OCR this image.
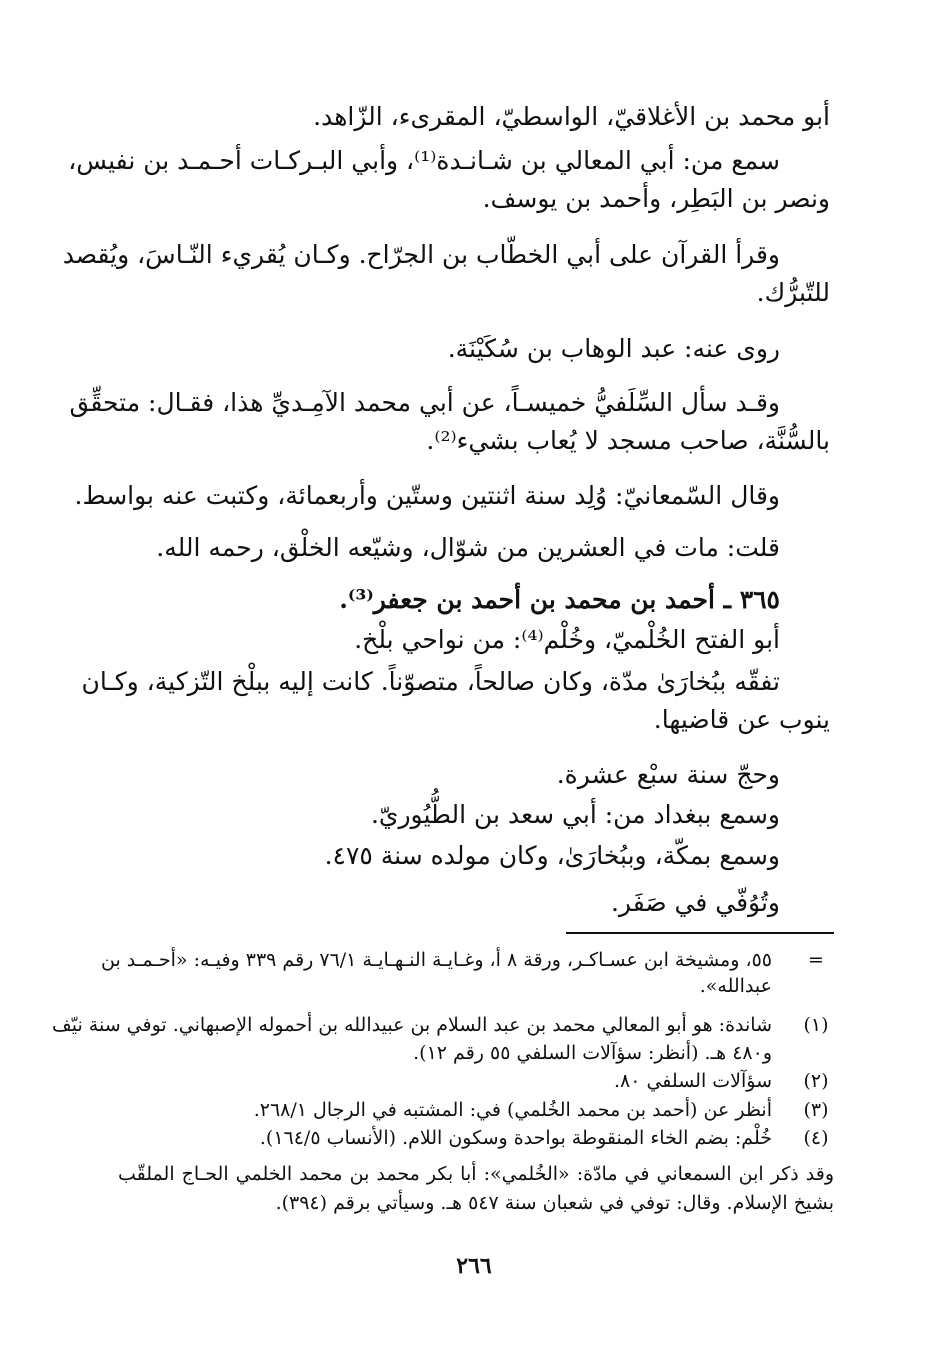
أبو محمد بن الأغلاقيّ، الواسطيّ، المقرىء، الزّاهد.
سمع من: أبي المعالي بن شـانـدة⁽¹⁾، وأبي البـركـات أحـمـد بن نفيس،
ونصر بن البَطِر، وأحمد بن يوسف.
وقرأ القرآن على أبي الخطّاب بن الجرّاح. وكـان يُقريء النّـاسَ، ويُقصد
للتّبرُّك.
روى عنه: عبد الوهاب بن سُكَيْنَة.
وقـد سأل السِّلَفيُّ خميسـاً، عن أبي محمد الآمِـديِّ هذا، فقـال: متحقِّق
بالسُّنَّة، صاحب مسجد لا يُعاب بشيء⁽²⁾.
وقال السّمعانيّ: وُلِد سنة اثنتين وستّين وأربعمائة، وكتبت عنه بواسط.
قلت: مات في العشرين من شوّال، وشيّعه الخلْق، رحمه الله.
٣٦٥ ـ أحمد بن محمد بن أحمد بن جعفر⁽³⁾.
أبو الفتح الخُلْميّ، وخُلْم⁽⁴⁾: من نواحي بلْخ.
تفقّه ببُخارَىٰ مدّة، وكان صالحاً، متصوّناً. كانت إليه ببلْخ التّزكية، وكـان
ينوب عن قاضيها.
وحجّ سنة سبْع عشرة.
وسمع ببغداد من: أبي سعد بن الطُّيُوريّ.
وسمع بمكّة، وببُخارَىٰ، وكان مولده سنة ٤٧٥.
وتُوُفّي في صَفَر.
=
٥٥، ومشيخة ابن عسـاكـر، ورقة ٨ أ، وغـايـة النـهـايـة ٧٦/١ رقم ٣٣٩ وفيـه: «أحـمـد بن
عبدالله».
(١)
شاندة: هو أبو المعالي محمد بن عبد السلام بن عبيدالله بن أحموله الإصبهاني. توفي سنة نيّف
و٤٨٠ هـ. (أنظر: سؤآلات السلفي ٥٥ رقم ١٢).
(٢)
سؤآلات السلفي ٨٠.
(٣)
أنظر عن (أحمد بن محمد الخُلمي) في: المشتبه في الرجال ٢٦٨/١.
(٤)
خُلْم: بضم الخاء المنقوطة بواحدة وسكون اللام. (الأنساب ١٦٤/٥).
وقد ذكر ابن السمعاني في مادّة: «الخُلمي»: أبا بكر محمد بن محمد الخلمي الحـاج الملقّب
بشيخ الإسلام. وقال: توفي في شعبان سنة ٥٤٧ هـ. وسيأتي برقم (٣٩٤).
٢٦٦
